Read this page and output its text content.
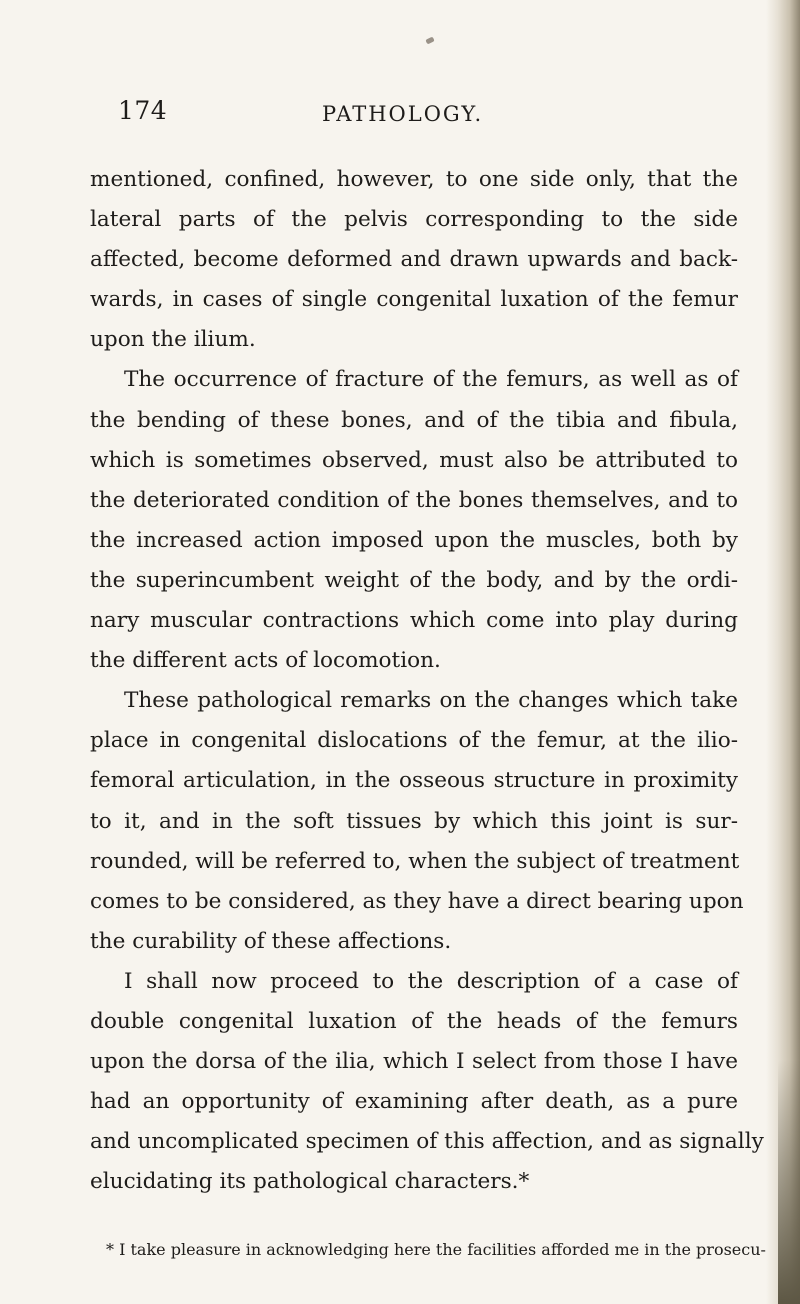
174	PATHOLOGY.
mentioned, confined, however, to one side only, that the
lateral parts of the pelvis corresponding to the side
affected, become deformed and drawn upwards and back-
wards, in cases of single congenital luxation of the femur
upon the ilium.
The occurrence of fracture of the femurs, as well as of
the bending of these bones, and of the tibia and fibula,
which is sometimes observed, must also be attributed to
the deteriorated condition of the bones themselves, and to
the increased action imposed upon the muscles, both by
the superincumbent weight of the body, and by the ordi-
nary muscular contractions which come into play during
the different acts of locomotion.
These pathological remarks on the changes which take
place in congenital dislocations of the femur, at the ilio-
femoral articulation, in the osseous structure in proximity
to it, and in the soft tissues by which this joint is sur-
rounded, will be referred to, when the subject of treatment
comes to be considered, as they have a direct bearing upon
the curability of these affections.
I shall now proceed to the description of a case of
double congenital luxation of the heads of the femurs
upon the dorsa of the ilia, which I select from those I have
had an opportunity of examining after death, as a pure
and uncomplicated specimen of this affection, and as signally
elucidating its pathological characters.*
* I take pleasure in acknowledging here the facilities afforded me in the prosecu-
